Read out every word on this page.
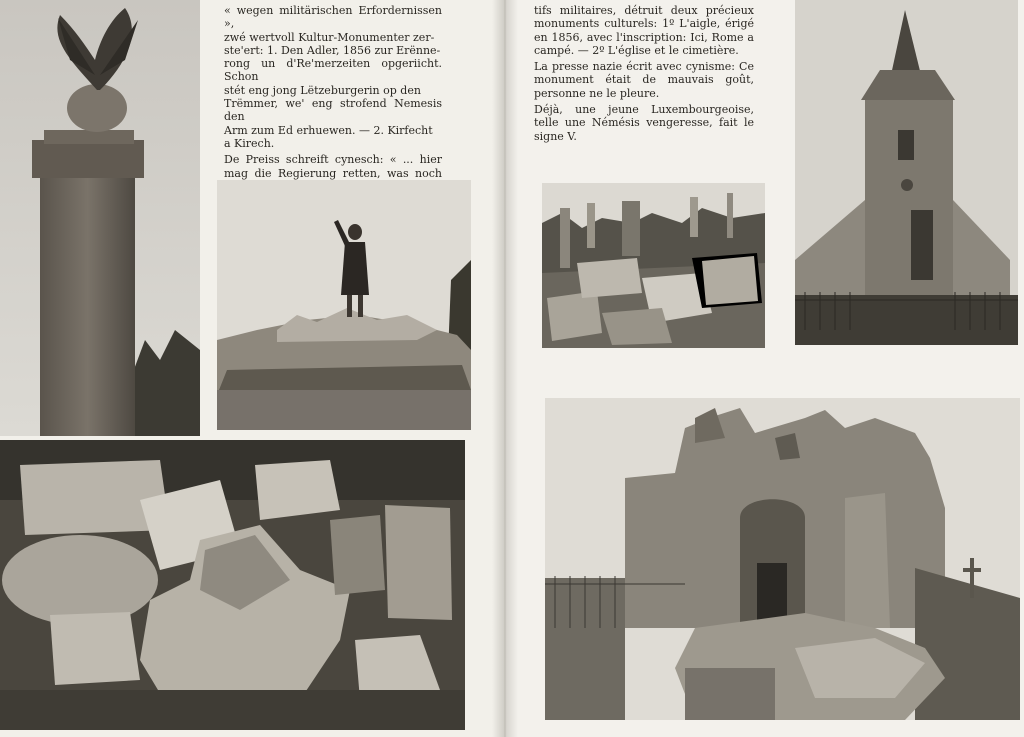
« wegen militärischen Erfordernissen »,

zwé wertvoll Kultur-Monumenter zer-

ste'ert: 1. Den Adler, 1856 zur Erënne-

rong un d'Re'merzeiten opgeriicht. Schon

stét eng jong Lëtzeburgerin op den

Trëmmer, we' eng strofend Nemesis den

Arm zum Ed erhuewen. — 2. Kirfecht

a Kirech.

De Preiss schreift cynesch: « ... hier mag die Regierung retten, was noch

tifs militaires, détruit deux précieux monuments culturels: 1º L'aigle, érigé en 1856, avec l'inscription: Ici, Rome a campé. — 2º L'église et le cimetière.

La presse nazie écrit avec cynisme: Ce monument était de mauvais goût, personne ne le pleure.

Déjà, une jeune Luxembourgeoise, telle une Némésis vengeresse, fait le signe V.
